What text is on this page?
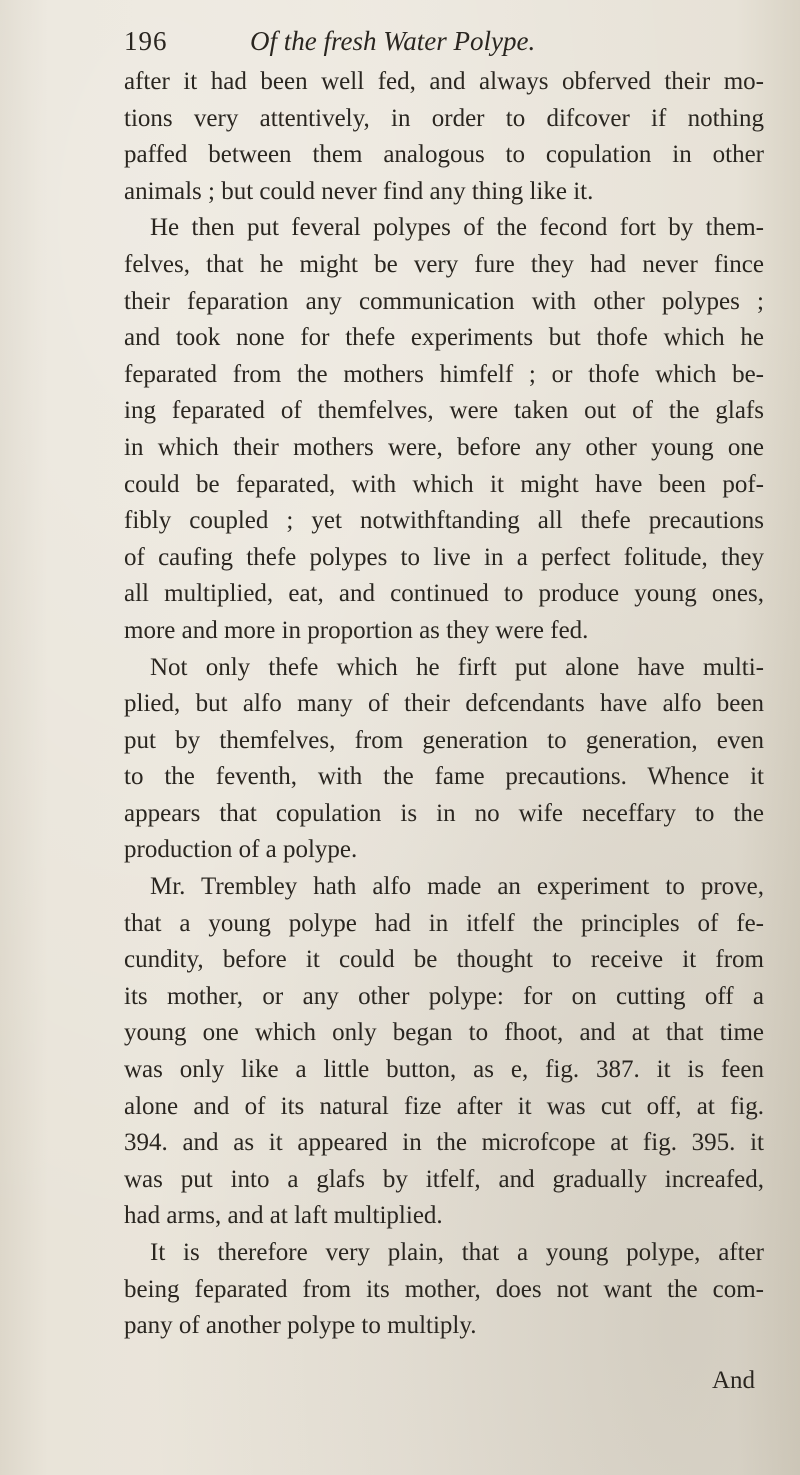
196	Of the fresh Water Polype.
after it had been well fed, and always obferved their mo-
tions very attentively, in order to difcover if nothing
paffed between them analogous to copulation in other
animals ; but could never find any thing like it.
He then put feveral polypes of the fecond fort by them-
felves, that he might be very fure they had never fince
their feparation any communication with other polypes ;
and took none for thefe experiments but thofe which he
feparated from the mothers himfelf ; or thofe which be-
ing feparated of themfelves, were taken out of the glafs
in which their mothers were, before any other young one
could be feparated, with which it might have been pof-
fibly coupled ; yet notwithftanding all thefe precautions
of caufing thefe polypes to live in a perfect folitude, they
all multiplied, eat, and continued to produce young ones,
more and more in proportion as they were fed.
Not only thefe which he firft put alone have multi-
plied, but alfo many of their defcendants have alfo been
put by themfelves, from generation to generation, even
to the feventh, with the fame precautions. Whence it
appears that copulation is in no wife neceffary to the
production of a polype.
Mr. Trembley hath alfo made an experiment to prove,
that a young polype had in itfelf the principles of fe-
cundity, before it could be thought to receive it from
its mother, or any other polype: for on cutting off a
young one which only began to fhoot, and at that time
was only like a little button, as e, fig. 387. it is feen
alone and of its natural fize after it was cut off, at fig.
394. and as it appeared in the microfcope at fig. 395. it
was put into a glafs by itfelf, and gradually increafed,
had arms, and at laft multiplied.
It is therefore very plain, that a young polype, after
being feparated from its mother, does not want the com-
pany of another polype to multiply.
And
